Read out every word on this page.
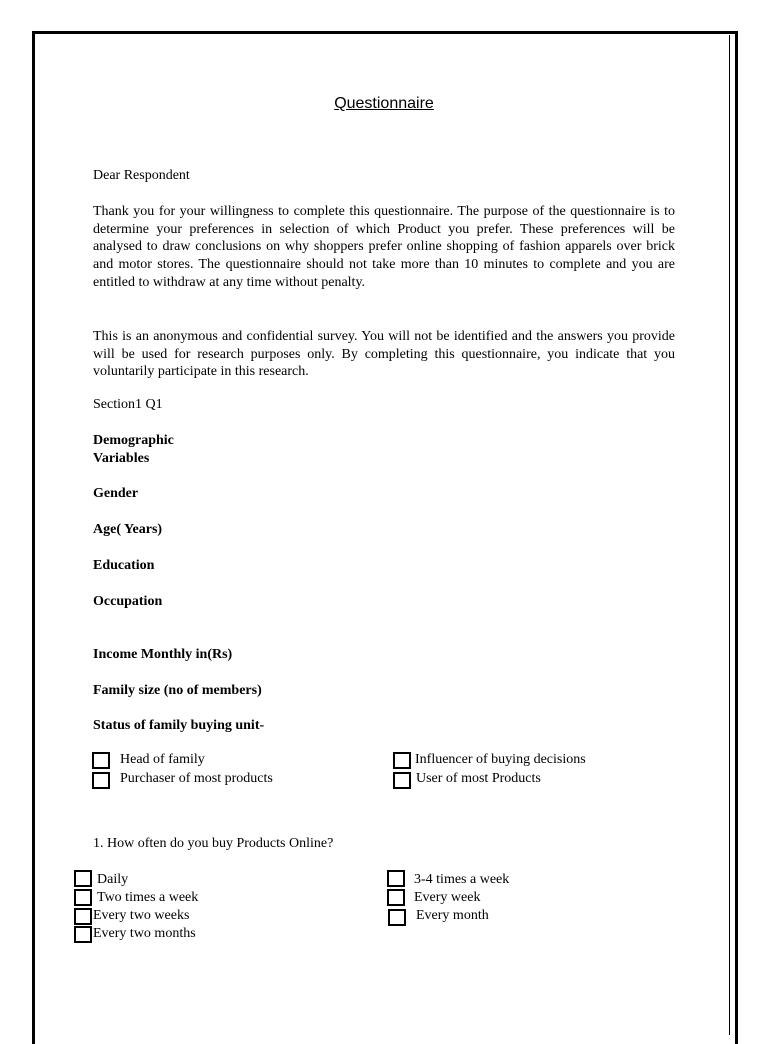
Questionnaire
Dear Respondent
Thank you for your willingness to complete this questionnaire. The purpose of the questionnaire is to determine your preferences in selection of which Product you prefer. These preferences will be analysed to draw conclusions on why shoppers prefer online shopping of fashion apparels over brick and motor stores. The questionnaire should not take more than 10 minutes to complete and you are entitled to withdraw at any time without penalty.
This is an anonymous and confidential survey. You will not be identified and the answers you provide will be used for research purposes only. By completing this questionnaire, you indicate that you voluntarily participate in this research.
Section1 Q1
Demographic
Variables
Gender
Age( Years)
Education
Occupation
Income Monthly in(Rs)
Family size (no of members)
Status of family buying unit-
Head of family	Influencer of buying decisions
Purchaser of most products	User of most Products
1. How often do you buy Products Online?
Daily	3-4 times a week
Two times a week	Every week
Every two weeks	Every month
Every two months
